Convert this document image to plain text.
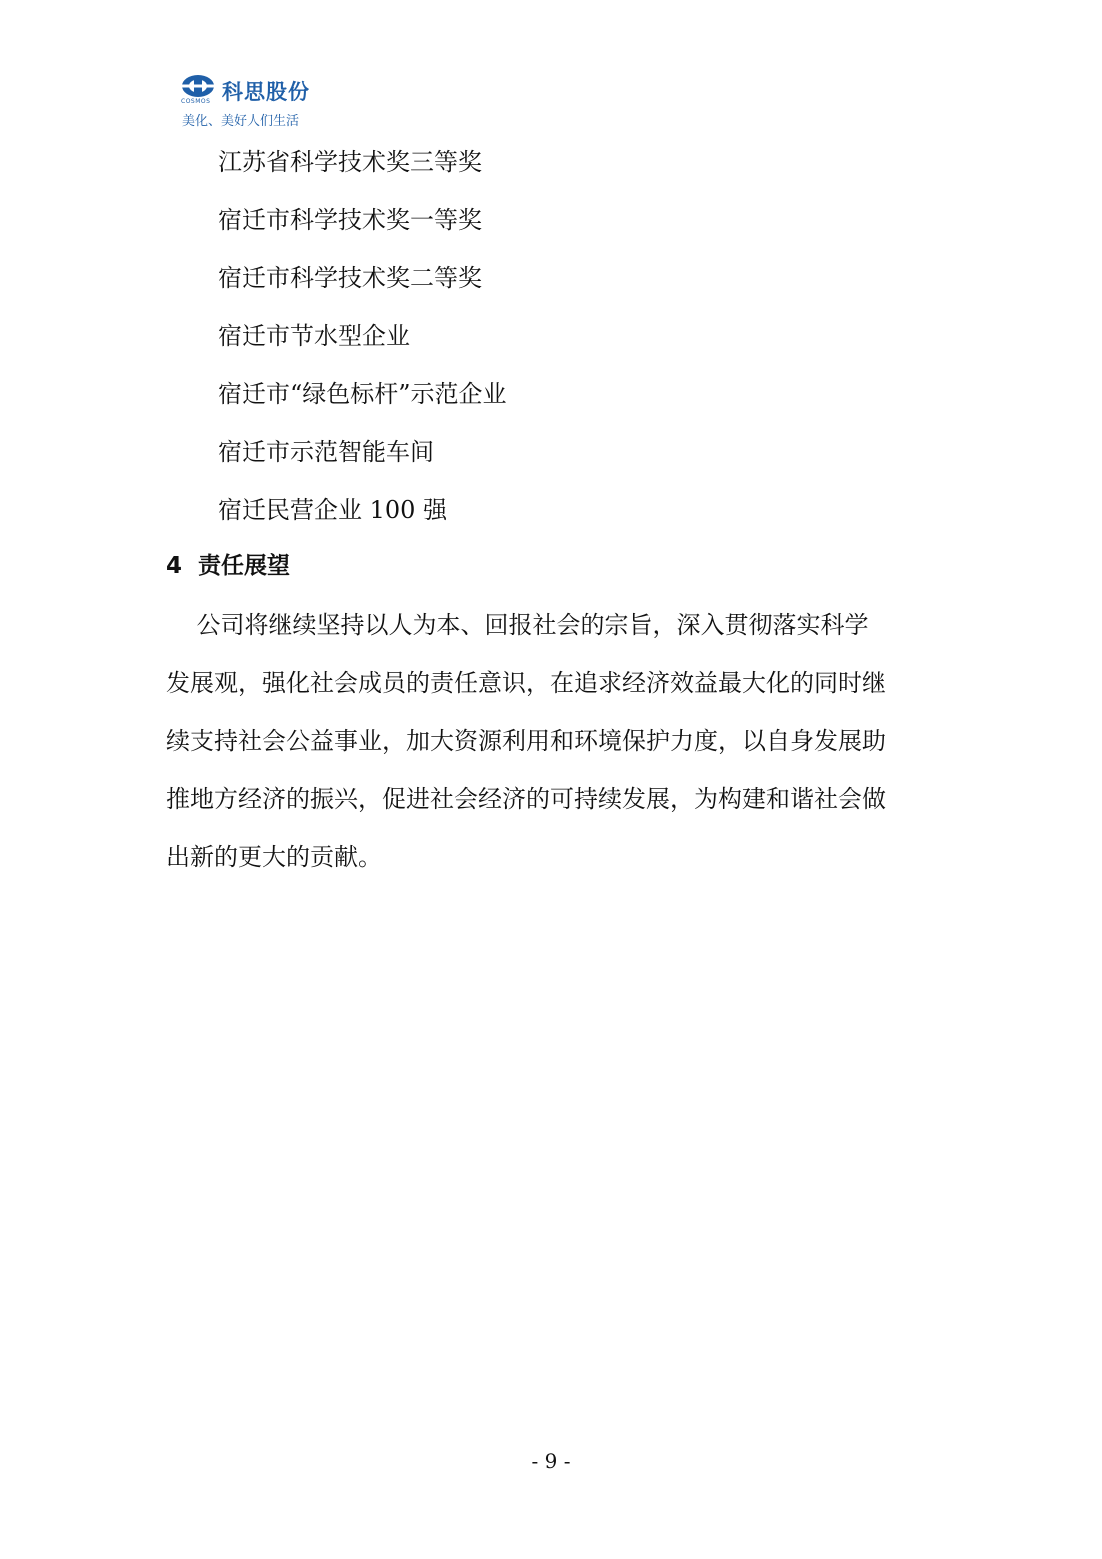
科思股份
COSMOS
美化、美好人们生活
江苏省科学技术奖三等奖
宿迁市科学技术奖一等奖
宿迁市科学技术奖二等奖
宿迁市节水型企业
宿迁市“绿色标杆”示范企业
宿迁市示范智能车间
宿迁民营企业 100 强
4  责任展望
公司将继续坚持以人为本、回报社会的宗旨，深入贯彻落实科学
发展观，强化社会成员的责任意识，在追求经济效益最大化的同时继
续支持社会公益事业，加大资源利用和环境保护力度，以自身发展助
推地方经济的振兴，促进社会经济的可持续发展，为构建和谐社会做
出新的更大的贡献。
- 9 -
